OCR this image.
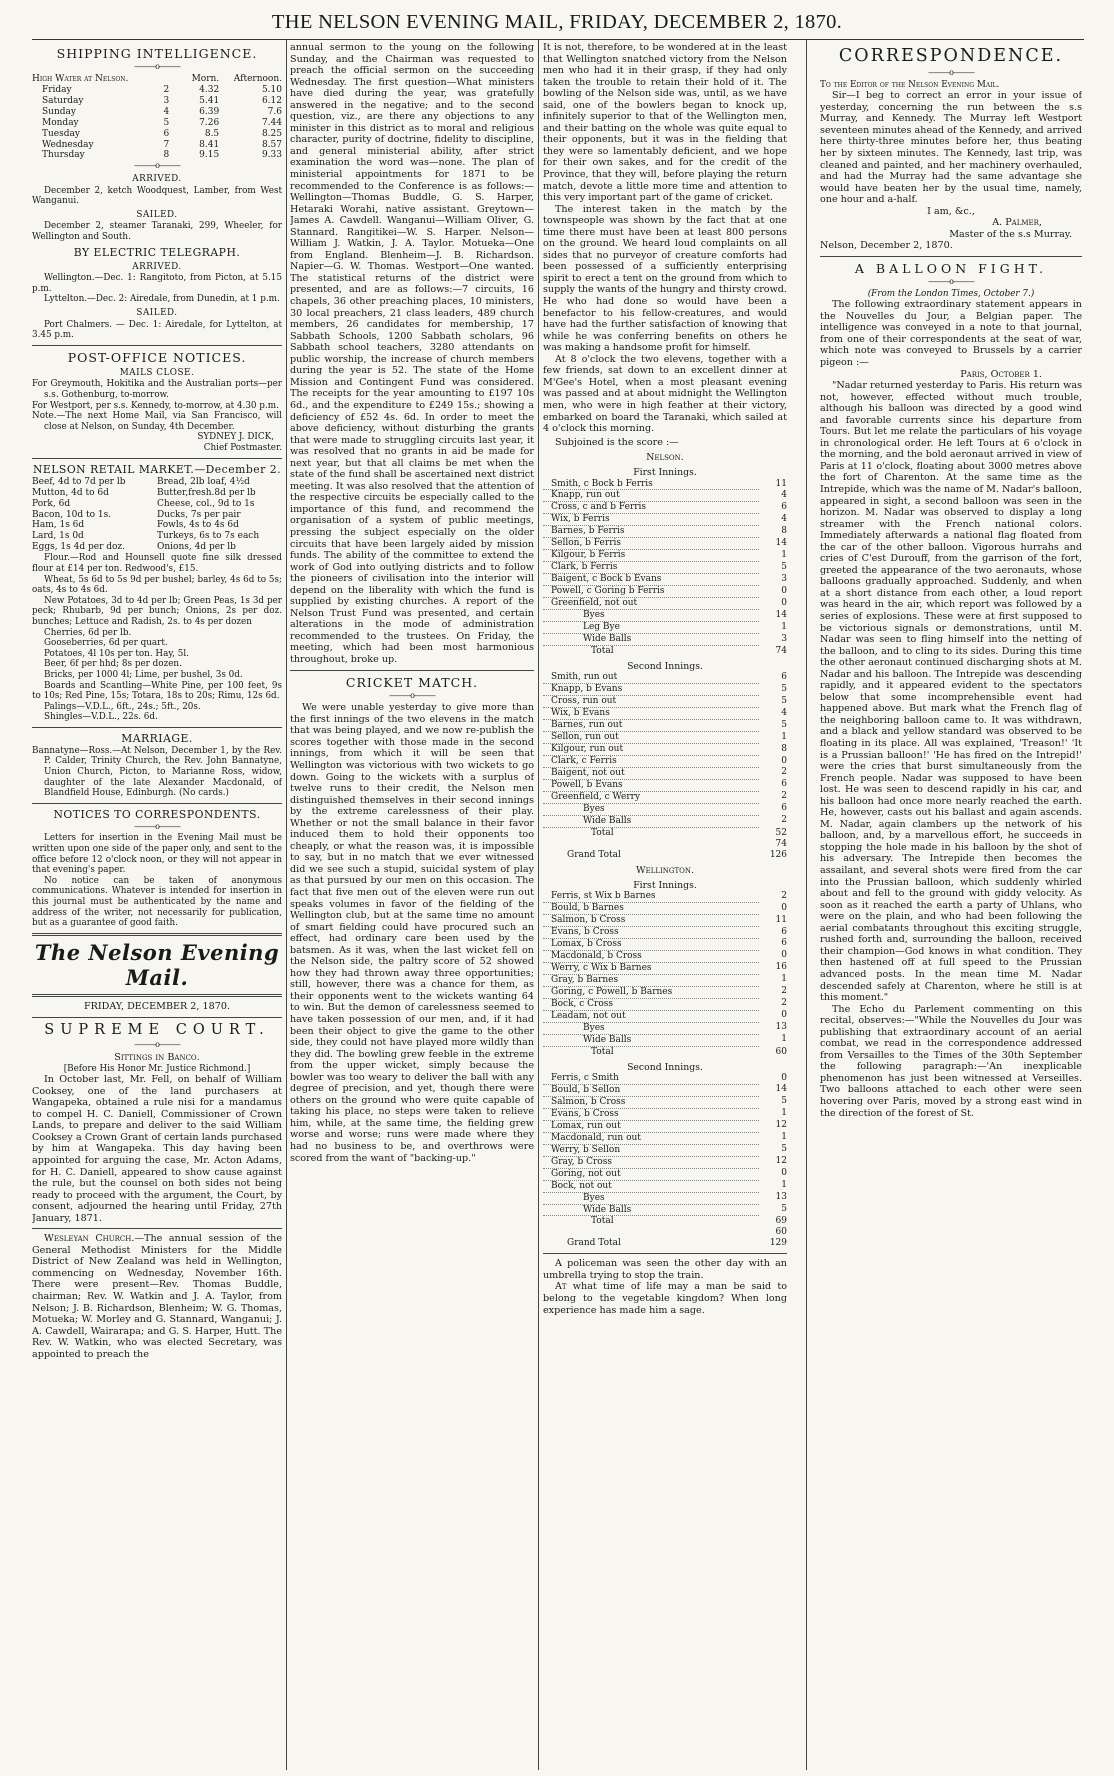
THE NELSON EVENING MAIL, FRIDAY, DECEMBER 2, 1870.
SHIPPING INTELLIGENCE.
———o———
High Water at Nelson.		Morn.	Afternoon.
Friday	2	4.32	5.10
Saturday	3	5.41	6.12
Sunday	4	6.39	7.6
Monday	5	7.26	7.44
Tuesday	6	8.5	8.25
Wednesday	7	8.41	8.57
Thursday	8	9.15	9.33
———o———
ARRIVED.

December 2, ketch Woodquest, Lamber, from West Wanganui.

SAILED.

December 2, steamer Taranaki, 299, Wheeler, for Wellington and South.

BY ELECTRIC TELEGRAPH.
ARRIVED.

Wellington.—Dec. 1: Rangitoto, from Picton, at 5.15 p.m.

Lyttelton.—Dec. 2: Airedale, from Dunedin, at 1 p.m.

SAILED.

Port Chalmers. — Dec. 1: Airedale, for Lyttelton, at 3.45 p.m.

POST-OFFICE NOTICES.
MAILS CLOSE.

For Greymouth, Hokitika and the Australian ports—per s.s. Gothenburg, to-morrow.

For Westport, per s.s. Kennedy, to-morrow, at 4.30 p.m.

Note.—The next Home Mail, via San Francisco, will close at Nelson, on Sunday, 4th December.

SYDNEY J. DICK,

Chief Postmaster.

NELSON RETAIL MARKET.—December 2.
Beef, 4d to 7d per lb	Bread, 2lb loaf, 4½d
Mutton, 4d to 6d	Butter,fresh.8d per lb
Pork, 6d	Cheese, col., 9d to 1s
Bacon, 10d to 1s.	Ducks, 7s per pair
Ham, 1s 6d	Fowls, 4s to 4s 6d
Lard, 1s 0d	Turkeys, 6s to 7s each
Eggs, 1s 4d per doz.	Onions, 4d per lb

Flour.—Rod and Hounsell quote fine silk dressed flour at £14 per ton. Redwood's, £15.

Wheat, 5s 6d to 5s 9d per bushel; barley, 4s 6d to 5s; oats, 4s to 4s 6d.

New Potatoes, 3d to 4d per lb; Green Peas, 1s 3d per peck; Rhubarb, 9d per bunch; Onions, 2s per doz. bunches; Lettuce and Radish, 2s. to 4s per dozen

Cherries, 6d per lb.

Gooseberries, 6d per quart.

Potatoes, 4l 10s per ton. Hay, 5l.

Beer, 6f per hhd; 8s per dozen.

Bricks, per 1000 4l; Lime, per bushel, 3s 0d.

Boards and Scantling—White Pine, per 100 feet, 9s to 10s; Red Pine, 15s; Totara, 18s to 20s; Rimu, 12s 6d.

Palings—V.D.L., 6ft., 24s.; 5ft., 20s.

Shingles—V.D.L., 22s. 6d.

MARRIAGE.

Bannatyne—Ross.—At Nelson, December 1, by the Rev. P. Calder, Trinity Church, the Rev. John Bannatyne, Union Church, Picton, to Marianne Ross, widow, daughter of the late Alexander Macdonald, of Blandfield House, Edinburgh. (No cards.)

NOTICES TO CORRESPONDENTS.
———o———

Letters for insertion in the Evening Mail must be written upon one side of the paper only, and sent to the office before 12 o'clock noon, or they will not appear in that evening's paper.

No notice can be taken of anonymous communications. Whatever is intended for insertion in this journal must be authenticated by the name and address of the writer, not necessarily for publication, but as a guarantee of good faith.

The Nelson Evening Mail.

FRIDAY, DECEMBER 2, 1870.

SUPREME COURT.
———o———

Sittings in Banco.

[Before His Honor Mr. Justice Richmond.]

In October last, Mr. Fell, on behalf of William Cooksey, one of the land purchasers at Wangapeka, obtained a rule nisi for a mandamus to compel H. C. Daniell, Commissioner of Crown Lands, to prepare and deliver to the said William Cooksey a Crown Grant of certain lands purchased by him at Wangapeka. This day having been appointed for arguing the case, Mr. Acton Adams, for H. C. Daniell, appeared to show cause against the rule, but the counsel on both sides not being ready to proceed with the argument, the Court, by consent, adjourned the hearing until Friday, 27th January, 1871.

Wesleyan Church.—The annual session of the General Methodist Ministers for the Middle District of New Zealand was held in Wellington, commencing on Wednesday, November 16th. There were present—Rev. Thomas Buddle, chairman; Rev. W. Watkin and J. A. Taylor, from Nelson; J. B. Richardson, Blenheim; W. G. Thomas, Motueka; W. Morley and G. Stannard, Wanganui; J. A. Cawdell, Wairarapa; and G. S. Harper, Hutt. The Rev. W. Watkin, who was elected Secretary, was appointed to preach the

annual sermon to the young on the following Sunday, and the Chairman was requested to preach the official sermon on the succeeding Wednesday. The first question—What ministers have died during the year, was gratefully answered in the negative; and to the second question, viz., are there any objections to any minister in this district as to moral and religious character, purity of doctrine, fidelity to discipline, and general ministerial ability, after strict examination the word was—none. The plan of ministerial appointments for 1871 to be recommended to the Conference is as follows:—Wellington—Thomas Buddle, G. S. Harper, Hetaraki Worahi, native assistant. Greytown—James A. Cawdell. Wanganui—William Oliver, G. Stannard. Rangitikei—W. S. Harper. Nelson—William J. Watkin, J. A. Taylor. Motueka—One from England. Blenheim—J. B. Richardson. Napier—G. W. Thomas. Westport—One wanted. The statistical returns of the district were presented, and are as follows:—7 circuits, 16 chapels, 36 other preaching places, 10 ministers, 30 local preachers, 21 class leaders, 489 church members, 26 candidates for membership, 17 Sabbath Schools, 1200 Sabbath scholars, 96 Sabbath school teachers, 3280 attendants on public worship, the increase of church members during the year is 52. The state of the Home Mission and Contingent Fund was considered. The receipts for the year amounting to £197 10s 6d., and the expenditure to £249 15s.; showing a deficiency of £52 4s. 6d. In order to meet the above deficiency, without disturbing the grants that were made to struggling circuits last year, it was resolved that no grants in aid be made for next year, but that all claims be met when the state of the fund shall be ascertained next district meeting. It was also resolved that the attention of the respective circuits be especially called to the importance of this fund, and recommend the organisation of a system of public meetings, pressing the subject especially on the older circuits that have been largely aided by mission funds. The ability of the committee to extend the work of God into outlying districts and to follow the pioneers of civilisation into the interior will depend on the liberality with which the fund is supplied by existing churches. A report of the Nelson Trust Fund was presented, and certain alterations in the mode of administration recommended to the trustees. On Friday, the meeting, which had been most harmonious throughout, broke up.

CRICKET MATCH.
———o———

We were unable yesterday to give more than the first innings of the two elevens in the match that was being played, and we now re-publish the scores together with those made in the second innings, from which it will be seen that Wellington was victorious with two wickets to go down. Going to the wickets with a surplus of twelve runs to their credit, the Nelson men distinguished themselves in their second innings by the extreme carelessness of their play. Whether or not the small balance in their favor induced them to hold their opponents too cheaply, or what the reason was, it is impossible to say, but in no match that we ever witnessed did we see such a stupid, suicidal system of play as that pursued by our men on this occasion. The fact that five men out of the eleven were run out speaks volumes in favor of the fielding of the Wellington club, but at the same time no amount of smart fielding could have procured such an effect, had ordinary care been used by the batsmen. As it was, when the last wicket fell on the Nelson side, the paltry score of 52 showed how they had thrown away three opportunities; still, however, there was a chance for them, as their opponents went to the wickets wanting 64 to win. But the demon of carelessness seemed to have taken possession of our men, and, if it had been their object to give the game to the other side, they could not have played more wildly than they did. The bowling grew feeble in the extreme from the upper wicket, simply because the bowler was too weary to deliver the ball with any degree of precision, and yet, though there were others on the ground who were quite capable of taking his place, no steps were taken to relieve him, while, at the same time, the fielding grew worse and worse; runs were made where they had no business to be, and overthrows were scored from the want of "backing-up."

It is not, therefore, to be wondered at in the least that Wellington snatched victory from the Nelson men who had it in their grasp, if they had only taken the trouble to retain their hold of it. The bowling of the Nelson side was, until, as we have said, one of the bowlers began to knock up, infinitely superior to that of the Wellington men, and their batting on the whole was quite equal to their opponents, but it was in the fielding that they were so lamentably deficient, and we hope for their own sakes, and for the credit of the Province, that they will, before playing the return match, devote a little more time and attention to this very important part of the game of cricket.

The interest taken in the match by the townspeople was shown by the fact that at one time there must have been at least 800 persons on the ground. We heard loud complaints on all sides that no purveyor of creature comforts had been possessed of a sufficiently enterprising spirit to erect a tent on the ground from which to supply the wants of the hungry and thirsty crowd. He who had done so would have been a benefactor to his fellow-creatures, and would have had the further satisfaction of knowing that while he was conferring benefits on others he was making a handsome profit for himself.

At 8 o'clock the two elevens, together with a few friends, sat down to an excellent dinner at M'Gee's Hotel, when a most pleasant evening was passed and at about midnight the Wellington men, who were in high feather at their victory, embarked on board the Taranaki, which sailed at 4 o'clock this morning.

Subjoined is the score :—

Nelson.
First Innings.
Smith, c Bock b Ferris	11
Knapp, run out	4
Cross, c and b Ferris	6
Wix, b Ferris	4
Barnes, b Ferris	8
Sellon, b Ferris	14
Kilgour, b Ferris	1
Clark, b Ferris	5
Baigent, c Bock b Evans	3
Powell, c Goring b Ferris	0
Greenfield, not out	0
Byes	14
Leg Bye	1
Wide Balls	3
Total	74
Second Innings.
Smith, run out	6
Knapp, b Evans	5
Cross, run out	5
Wix, b Evans	4
Barnes, run out	5
Sellon, run out	1
Kilgour, run out	8
Clark, c Ferris	0
Baigent, not out	2
Powell, b Evans	6
Greenfield, c Werry	2
Byes	6
Wide Balls	2
Total	52
	74
Grand Total	126
Wellington.
First Innings.
Ferris, st Wix b Barnes	2
Bould, b Barnes	0
Salmon, b Cross	11
Evans, b Cross	6
Lomax, b Cross	6
Macdonald, b Cross	0
Werry, c Wix b Barnes	16
Gray, b Barnes	1
Goring, c Powell, b Barnes	2
Bock, c Cross	2
Leadam, not out	0
Byes	13
Wide Balls	1
Total	60
Second Innings.
Ferris, c Smith	0
Bould, b Sellon	14
Salmon, b Cross	5
Evans, b Cross	1
Lomax, run out	12
Macdonald, run out	1
Werry, b Sellon	5
Gray, b Cross	12
Goring, not out	0
Bock, not out	1
Byes	13
Wide Balls	5
Total	69
	60
Grand Total	129

A policeman was seen the other day with an umbrella trying to stop the train.

At what time of life may a man be said to belong to the vegetable kingdom? When long experience has made him a sage.

CORRESPONDENCE.
———o———

To the Editor of the Nelson Evening Mail.

Sir—I beg to correct an error in your issue of yesterday, concerning the run between the s.s Murray, and Kennedy. The Murray left Westport seventeen minutes ahead of the Kennedy, and arrived here thirty-three minutes before her, thus beating her by sixteen minutes. The Kennedy, last trip, was cleaned and painted, and her machinery overhauled, and had the Murray had the same advantage she would have beaten her by the usual time, namely, one hour and a-half.

I am, &c.,

A. Palmer,

Master of the s.s Murray.

Nelson, December 2, 1870.

A BALLOON FIGHT.
———o———

(From the London Times, October 7.)

The following extraordinary statement appears in the Nouvelles du Jour, a Belgian paper. The intelligence was conveyed in a note to that journal, from one of their correspondents at the seat of war, which note was conveyed to Brussels by a carrier pigeon :—

Paris, October 1.

"Nadar returned yesterday to Paris. His return was not, however, effected without much trouble, although his balloon was directed by a good wind and favorable currents since his departure from Tours. But let me relate the particulars of his voyage in chronological order. He left Tours at 6 o'clock in the morning, and the bold aeronaut arrived in view of Paris at 11 o'clock, floating about 3000 metres above the fort of Charenton. At the same time as the Intrepide, which was the name of M. Nadar's balloon, appeared in sight, a second balloon was seen in the horizon. M. Nadar was observed to display a long streamer with the French national colors. Immediately afterwards a national flag floated from the car of the other balloon. Vigorous hurrahs and cries of C'est Durouff, from the garrison of the fort, greeted the appearance of the two aeronauts, whose balloons gradually approached. Suddenly, and when at a short distance from each other, a loud report was heard in the air, which report was followed by a series of explosions. These were at first supposed to be victorious signals or demonstrations, until M. Nadar was seen to fling himself into the netting of the balloon, and to cling to its sides. During this time the other aeronaut continued discharging shots at M. Nadar and his balloon. The Intrepide was descending rapidly, and it appeared evident to the spectators below that some incomprehensible event had happened above. But mark what the French flag of the neighboring balloon came to. It was withdrawn, and a black and yellow standard was observed to be floating in its place. All was explained, 'Treason!' 'It is a Prussian balloon!' 'He has fired on the Intrepid!' were the cries that burst simultaneously from the French people. Nadar was supposed to have been lost. He was seen to descend rapidly in his car, and his balloon had once more nearly reached the earth. He, however, casts out his ballast and again ascends. M. Nadar, again clambers up the network of his balloon, and, by a marvellous effort, he succeeds in stopping the hole made in his balloon by the shot of his adversary. The Intrepide then becomes the assailant, and several shots were fired from the car into the Prussian balloon, which suddenly whirled about and fell to the ground with giddy velocity. As soon as it reached the earth a party of Uhlans, who were on the plain, and who had been following the aerial combatants throughout this exciting struggle, rushed forth and, surrounding the balloon, received their champion—God knows in what condition. They then hastened off at full speed to the Prussian advanced posts. In the mean time M. Nadar descended safely at Charenton, where he still is at this moment."

The Echo du Parlement commenting on this recital, observes:—"While the Nouvelles du Jour was publishing that extraordinary account of an aerial combat, we read in the correspondence addressed from Versailles to the Times of the 30th September the following paragraph:—'An inexplicable phenomenon has just been witnessed at Verseilles. Two balloons attached to each other were seen hovering over Paris, moved by a strong east wind in the direction of the forest of St.
